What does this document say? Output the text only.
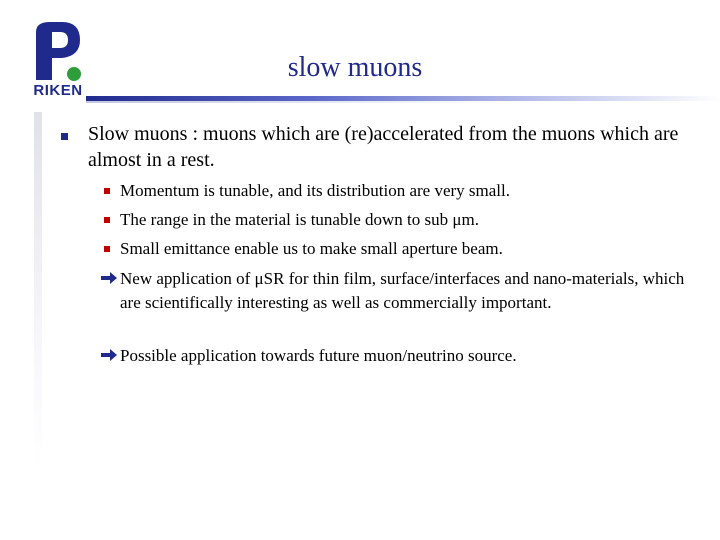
RIKEN
slow muons
Slow muons : muons which are (re)accelerated from the muons which are almost in a rest.
Momentum is tunable, and its distribution are very small.
The range in the material is tunable down to sub μm.
Small emittance enable us to make small aperture beam.
New application of μSR for thin film, surface/interfaces and nano-materials, which are scientifically interesting as well as commercially important.
Possible application towards future muon/neutrino source.
